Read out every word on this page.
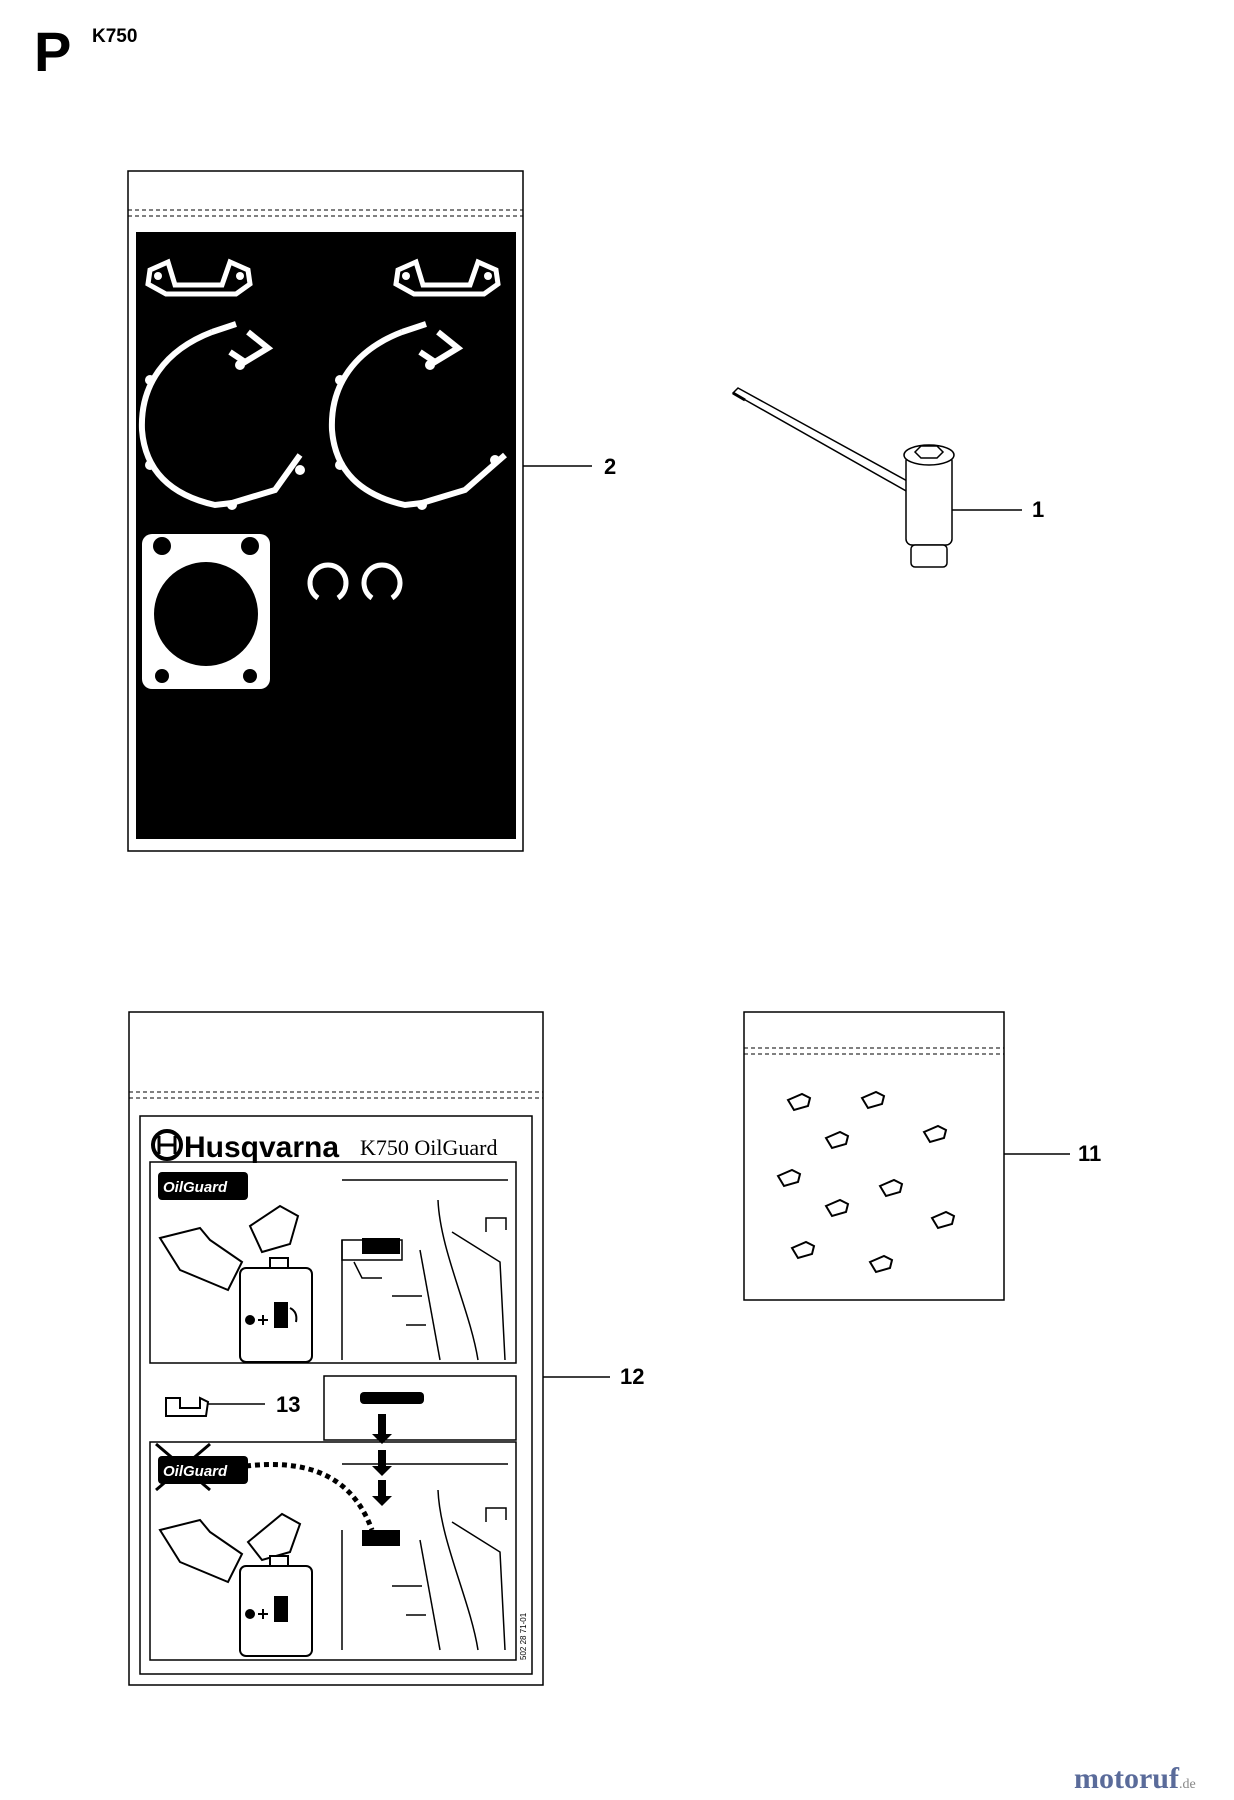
P K750
Husqvarna K750 OilGuard
OilGuard
OilGuard
502 28 71-01
1
2
11
12
13
motoruf.de
